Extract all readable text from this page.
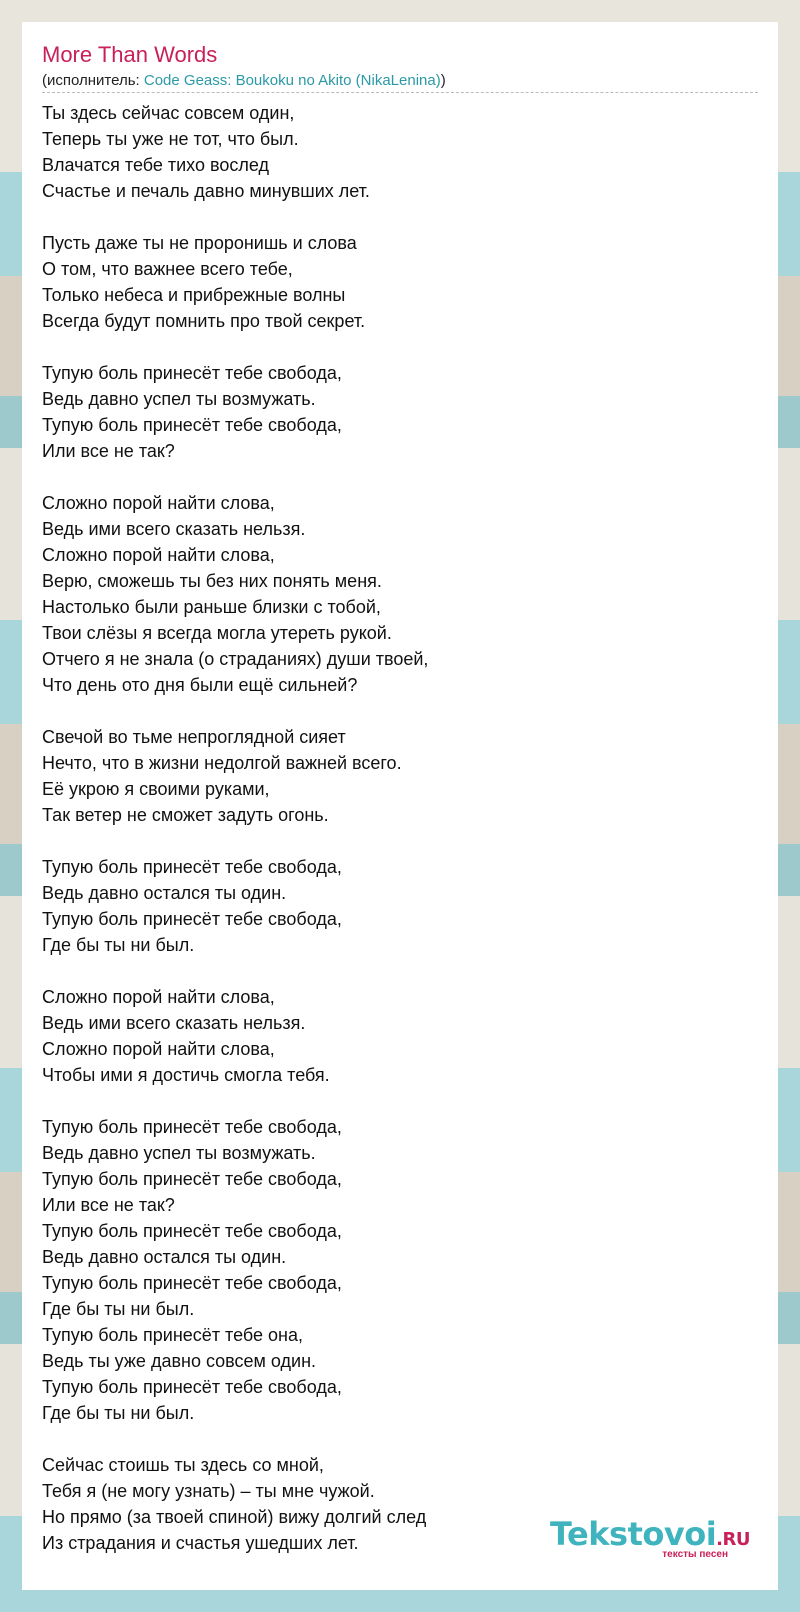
More Than Words
(исполнитель: Code Geass: Boukoku no Akito (NikaLenina))

Ты здесь сейчас совсем один,
Теперь ты уже не тот, что был.
Влачатся тебе тихо вослед
Счастье и печаль давно минувших лет.

Пусть даже ты не проронишь и слова
О том, что важнее всего тебе,
Только небеса и прибрежные волны
Всегда будут помнить про твой секрет.

Тупую боль принесёт тебе свобода,
Ведь давно успел ты возмужать.
Тупую боль принесёт тебе свобода,
Или все не так?

Сложно порой найти слова,
Ведь ими всего сказать нельзя.
Сложно порой найти слова,
Верю, сможешь ты без них понять меня.
Настолько были раньше близки с тобой,
Твои слёзы я всегда могла утереть рукой.
Отчего я не знала (о страданиях) души твоей,
Что день ото дня были ещё сильней?

Свечой во тьме непроглядной сияет
Нечто, что в жизни недолгой важней всего.
Её укрою я своими руками,
Так ветер не сможет задуть огонь.

Тупую боль принесёт тебе свобода,
Ведь давно остался ты один.
Тупую боль принесёт тебе свобода,
Где бы ты ни был.

Сложно порой найти слова,
Ведь ими всего сказать нельзя.
Сложно порой найти слова,
Чтобы ими я достичь смогла тебя.

Тупую боль принесёт тебе свобода,
Ведь давно успел ты возмужать.
Тупую боль принесёт тебе свобода,
Или все не так?
Тупую боль принесёт тебе свобода,
Ведь давно остался ты один.
Тупую боль принесёт тебе свобода,
Где бы ты ни был.
Тупую боль принесёт тебе она,
Ведь ты уже давно совсем один.
Тупую боль принесёт тебе свобода,
Где бы ты ни был.

Сейчас стоишь ты здесь со мной,
Тебя я (не могу узнать) – ты мне чужой.
Но прямо (за твоей спиной) вижу долгий след
Из страдания и счастья ушедших лет.	Tekstovoi.RU
тексты песен
